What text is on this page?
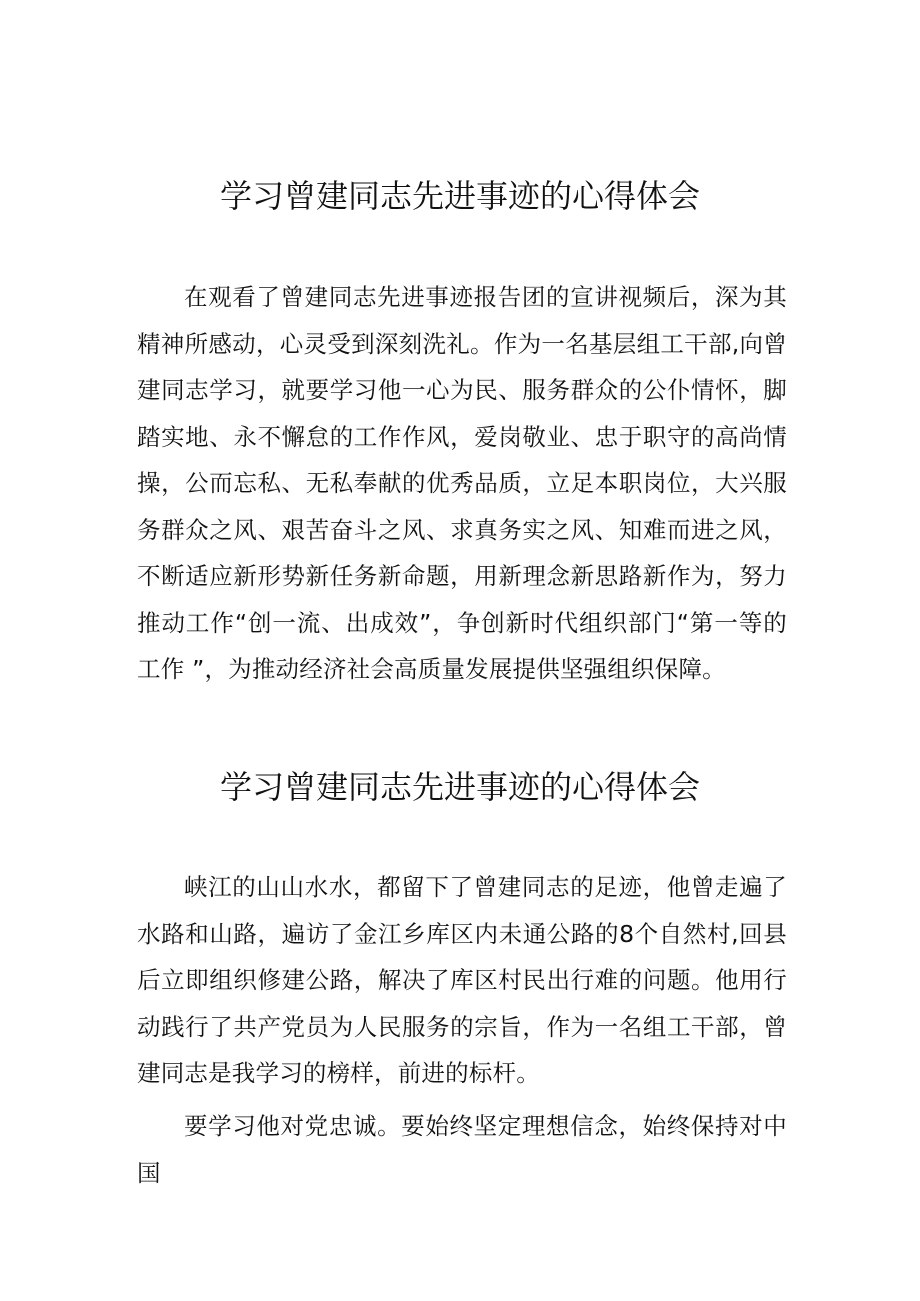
学习曾建同志先进事迹的心得体会

在观看了曾建同志先进事迹报告团的宣讲视频后，深为其精神所感动，心灵受到深刻洗礼。作为一名基层组工干部,向曾建同志学习，就要学习他一心为民、服务群众的公仆情怀，脚踏实地、永不懈怠的工作作风，爱岗敬业、忠于职守的高尚情操，公而忘私、无私奉献的优秀品质，立足本职岗位，大兴服务群众之风、艰苦奋斗之风、求真务实之风、知难而进之风，不断适应新形势新任务新命题，用新理念新思路新作为，努力推动工作“创一流、出成效”，争创新时代组织部门“第一等的工作 ”，为推动经济社会高质量发展提供坚强组织保障。

学习曾建同志先进事迹的心得体会

峡江的山山水水，都留下了曾建同志的足迹，他曾走遍了水路和山路，遍访了金江乡库区内未通公路的8个自然村,回县后立即组织修建公路，解决了库区村民出行难的问题。他用行动践行了共产党员为人民服务的宗旨，作为一名组工干部，曾建同志是我学习的榜样，前进的标杆。

要学习他对党忠诚。要始终坚定理想信念，始终保持对中国
